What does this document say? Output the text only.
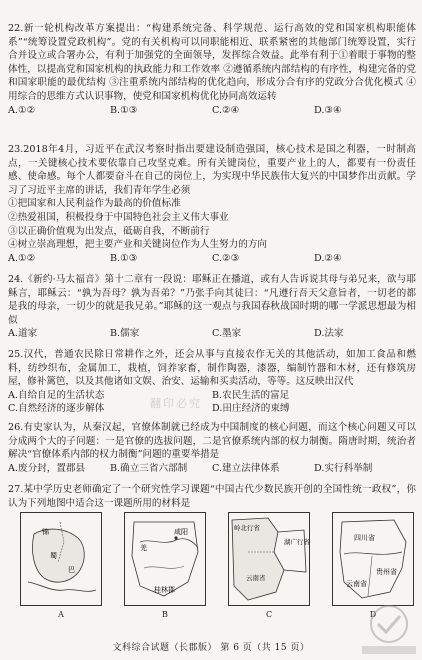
22.新一轮机构改革方案提出：“构建系统完备、科学规范、运行高效的党和国家机构职能体系”“统筹设置党政机构”。党的有关机构可以同职能相近、联系紧密的其他部门统筹设置，实行合并设立或合署办公，有利于加强党的全面领导，发挥综合效益。此举有利于①着眼于事物的整体性，以提高党和国家机构的执政能力和工作效率 ②遵循系统内部结构的有序性，构建完备的党和国家职能的最优结构 ③注重系统内部结构的优化趋向，形成分合有序的党政分合优化模式 ④用综合的思维方式认识事物，使党和国家机构优化协同高效运转

A.①②	B.①③	C.②④	D.③④

23.2018年4月，习近平在武汉考察时指出要建设制造强国，核心技术是国之利器，一时制高点，一关键核心技术要依靠自己攻坚克难。所有关键岗位，重要产业上的人，都要有一份责任感、使命感。每个人都要奋斗在自己的岗位上，为实现中华民族伟大复兴的中国梦作出贡献。学习了习近平主席的讲话，我们青年学生必须

①把国家和人民利益作为最高的价值标准

②热爱祖国，积极投身于中国特色社会主义伟大事业

③以正确价值观为出发点，砥砺自我，不断前行

④树立崇高理想，把主要产业和关键岗位作为人生努力的方向

A.①②	B.①③	C.②③	D.②④

24.《新约·马太福音》第十二章有一段说：耶稣正在播道，或有人告诉说其母与弟兄来，欲与耶稣言，耶稣云：“孰为吾母？孰为吾弟？”乃张手向其徒曰：“凡遵行吾天父意旨者，一切老的都是我的母亲，一切少的就是我兄弟。”耶稣的这一观点与我国春秋战国时期的哪一学派思想最为相似

A.道家	B.儒家	C.墨家	D.法家

25.汉代，普通农民除日常耕作之外，还会从事与直接农作无关的其他活动，如加工食品和燃料，纺纱织布，金属加工，栽植，饲养家畜，制作陶器，漆器，编制竹器和木材，还有修筑房屋，修补篱笆，以及其他诸如文娱、治安、运输和买卖活动，等等。这反映出汉代

A.自给自足的生活状态	B.农民生活的富足
C.自然经济的逐步解体	D.田庄经济的束缚
翻印必究

26.有史家认为，从秦汉起，官僚体制就已经成为中国制度的核心问题，而这个核心问题又可以分成两个大的子问题：一是官僚的选拔问题，二是官僚系统内部的权力制衡。隋唐时期，统治者解决“官僚体系内部的权力制衡”问题的重要举措是

A.废分封，置郡县	B.确立三省六部制	C.建立法律体系	D.实行科举制

27.某中学历史老师确定了一个研究性学习课题“中国古代少数民族开创的全国性统一政权”，你认为下列地图中适合这一课题所用的材料是

锦
蜀
巴
A
咸阳
羌
桂林郡
B
岭北行省
湖广行省
云南省
C
四川省
贵州省
云南省
D
文科综合试题（长郡版） 第 6 页（共 15 页）
